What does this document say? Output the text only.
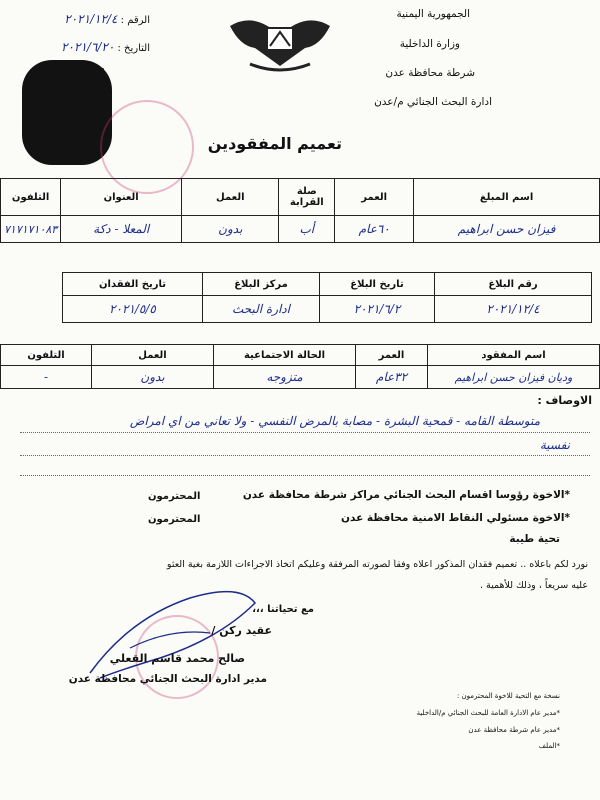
الجمهورية اليمنية
وزارة الداخلية
شرطة محافظة عدن
ادارة البحث الجنائي م/عدن
الرقم : ٢٠٢١/١٢/٤
التاريخ : ٢٠٢١/٦/٢٠
تعميم المفقودين
اسم المبلغ	العمر	صلة القرابة	العمل	العنوان	التلفون
فيزان حسن ابراهيم	٦٠عام	أب	بدون	المعلا - دكة	٧١٧١٧١٠٨٣
رقم البلاغ	تاريخ البلاغ	مركز البلاغ	تاريخ الفقدان
٢٠٢١/١٢/٤	٢٠٢١/٦/٢	ادارة البحث	٢٠٢١/٥/٥
اسم المفقود	العمر	الحالة الاجتماعية	العمل	التلفون
وديان فيزان حسن ابراهيم	٣٢عام	متزوجه	بدون	-
الاوصاف :
متوسطة القامه - قمحية البشرة - مصابة بالمرض النفسي - ولا تعاني من اي امراض
نفسية
*الاخوة رؤوسا اقسام البحث الجنائي مراكز شرطة محافظة عدن
المحترمون
*الاخوة مسئولي النقاط الامنية محافظة عدن
المحترمون
تحية طيبة
نورد لكم باعلاه .. تعميم فقدان المذكور اعلاه وفقاً لصورته المرفقة وعليكم اتخاذ الاجراءات اللازمة بغية العثو
عليه سريعاً ، وذلك للأهمية .
مع تحياتنا ،،،
عقيد ركن /
صالح محمد قاسم القعلي
مدير ادارة البحث الجنائي محافظة عدن
نسخة مع التحية للاخوة المحترمون :
*مدير عام الادارة العامة للبحث الجنائي م/الداخلية
*مدير عام شرطة محافظة عدن
*الملف
